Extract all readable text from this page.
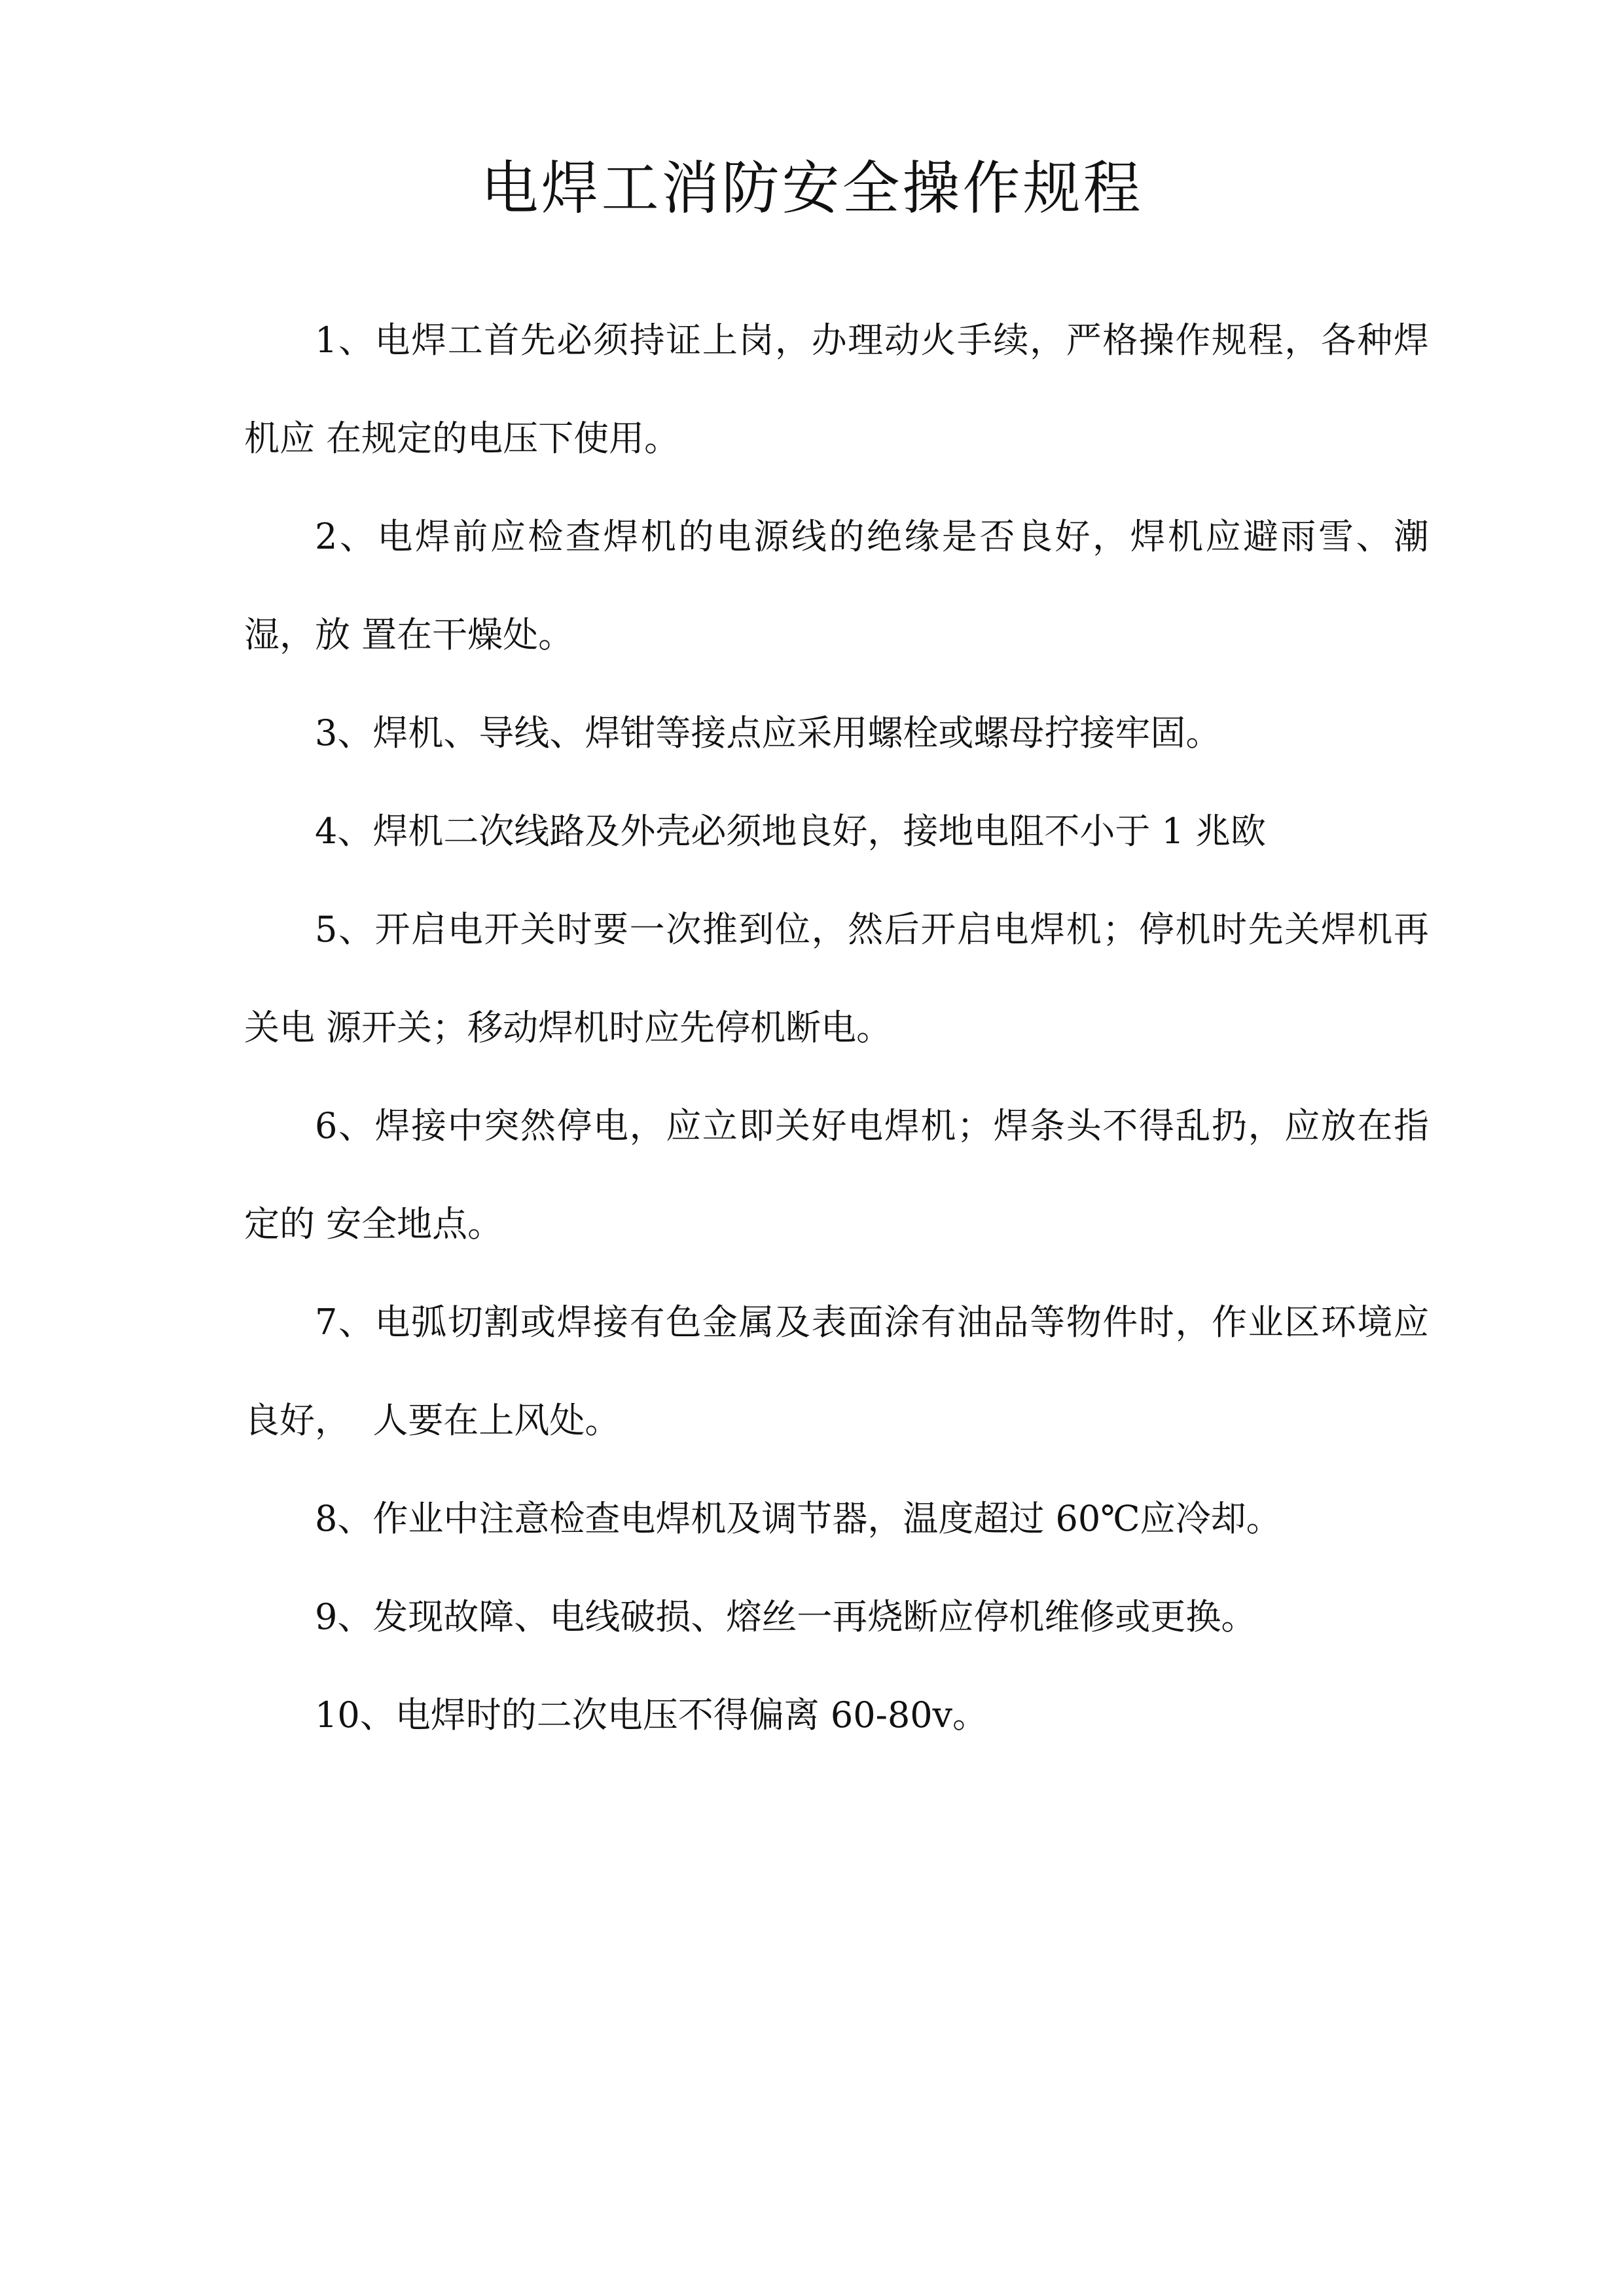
电焊工消防安全操作规程

1、电焊工首先必须持证上岗，办理动火手续，严格操作规程，各种焊机应 在规定的电压下使用。

2、电焊前应检查焊机的电源线的绝缘是否良好，焊机应避雨雪、潮湿，放 置在干燥处。

3、焊机、导线、焊钳等接点应采用螺栓或螺母拧接牢固。

4、焊机二次线路及外壳必须地良好，接地电阻不小于 1 兆欧

5、开启电开关时要一次推到位，然后开启电焊机；停机时先关焊机再关电 源开关；移动焊机时应先停机断电。

6、焊接中突然停电，应立即关好电焊机；焊条头不得乱扔，应放在指定的 安全地点。

7、电弧切割或焊接有色金属及表面涂有油品等物件时，作业区环境应良好，  人要在上风处。

8、作业中注意检查电焊机及调节器，温度超过 60℃应冷却。

9、发现故障、电线破损、熔丝一再烧断应停机维修或更换。

10、电焊时的二次电压不得偏离 60-80v。
